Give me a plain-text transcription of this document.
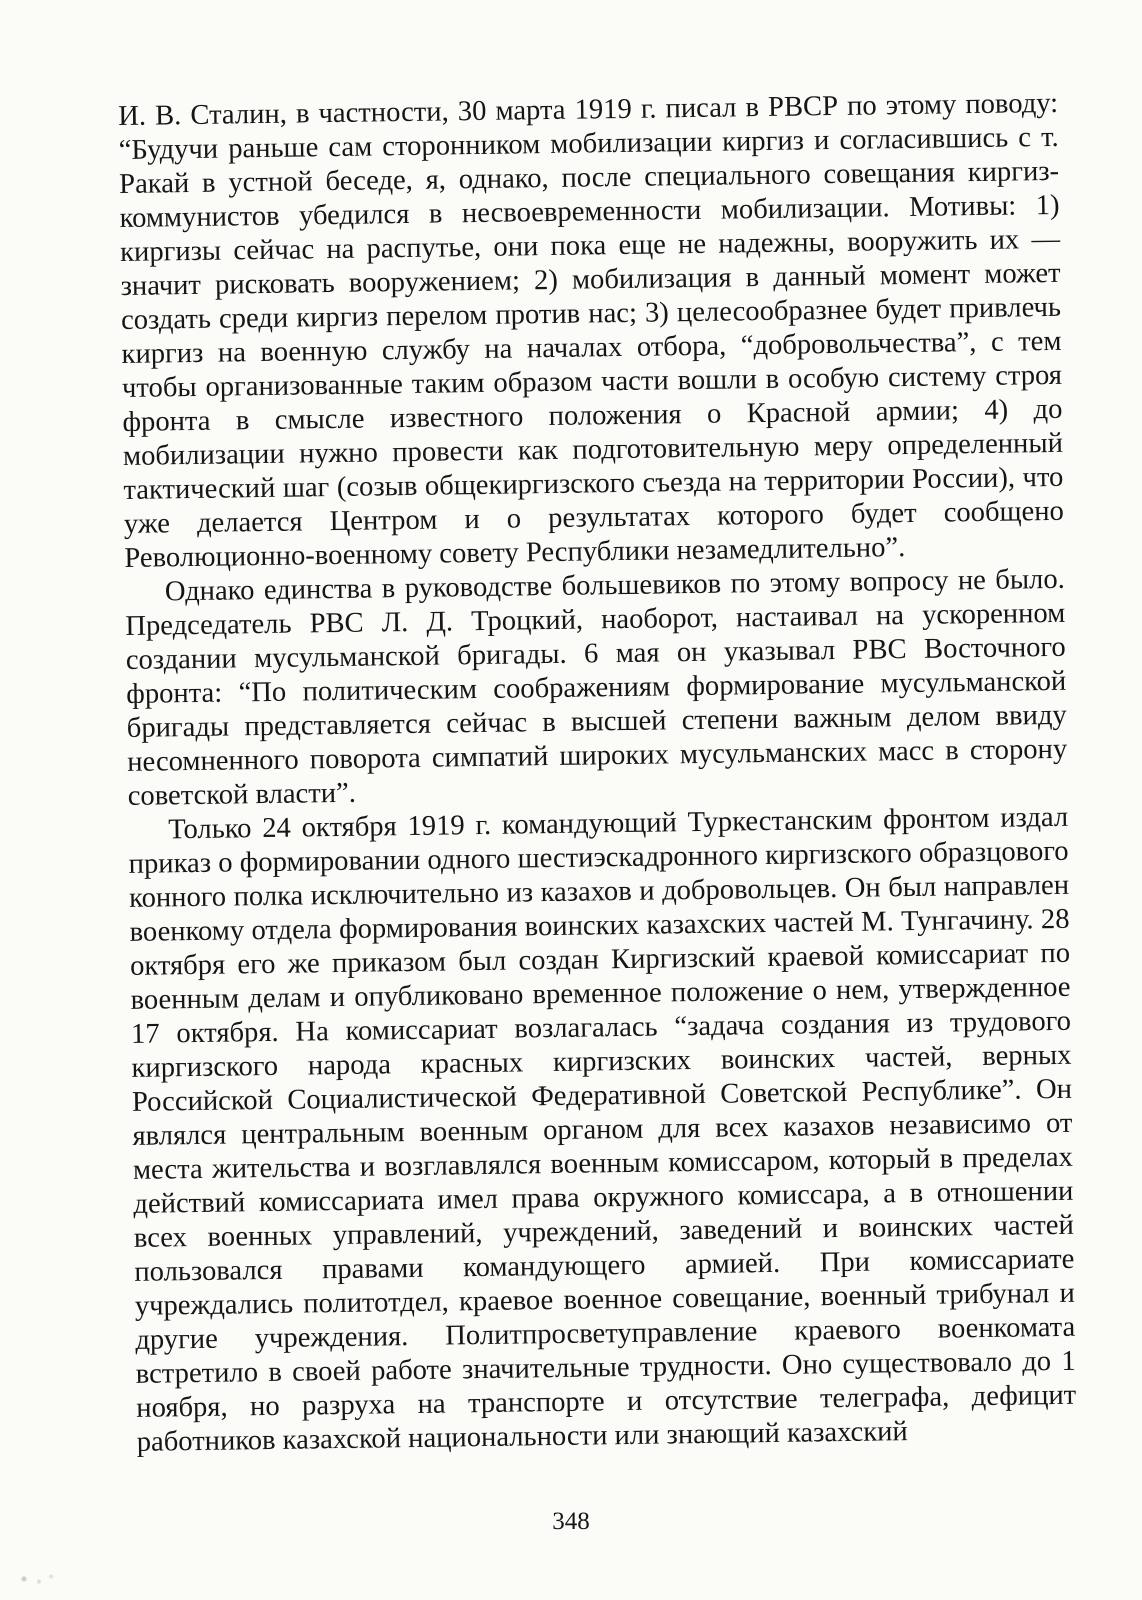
И. В. Сталин, в частности, 30 марта 1919 г. писал в РВСР по этому поводу: “Будучи раньше сам сторонником мобилизации киргиз и согласившись с т. Ракай в устной беседе, я, однако, после специального совещания киргиз-коммунистов убедился в несвоевременности мобилизации. Мотивы: 1) киргизы сейчас на распутье, они пока еще не надежны, вооружить их — значит рисковать вооружением; 2) мобилизация в данный момент может создать среди киргиз перелом против нас; 3) целесообразнее будет привлечь киргиз на военную службу на началах отбора, “добровольчества”, с тем чтобы организованные таким образом части вошли в особую систему строя фронта в смысле известного положения о Красной армии; 4) до мобилизации нужно провести как подготовительную меру определенный тактический шаг (созыв общекиргизского съезда на территории России), что уже делается Центром и о результатах которого будет сообщено Революционно-военному совету Республики незамедлительно”.

Однако единства в руководстве большевиков по этому вопросу не было. Председатель РВС Л. Д. Троцкий, наоборот, настаивал на ускоренном создании мусульманской бригады. 6 мая он указывал РВС Восточного фронта: “По политическим соображениям формирование мусульманской бригады представляется сейчас в высшей степени важным делом ввиду несомненного поворота симпатий широких мусульманских масс в сторону советской власти”.

Только 24 октября 1919 г. командующий Туркестанским фронтом издал приказ о формировании одного шестиэскадронного киргизского образцового конного полка исключительно из казахов и добровольцев. Он был направлен военкому отдела формирования воинских казахских частей М. Тунгачину. 28 октября его же приказом был создан Киргизский краевой комиссариат по военным делам и опубликовано временное положение о нем, утвержденное 17 октября. На комиссариат возлагалась “задача создания из трудового киргизского народа красных киргизских воинских частей, верных Российской Социалистической Федеративной Советской Республике”. Он являлся центральным военным органом для всех казахов независимо от места жительства и возглавлялся военным комиссаром, который в пределах действий комиссариата имел права окружного комиссара, а в отношении всех военных управлений, учреждений, заведений и воинских частей пользовался правами командующего армией. При комиссариате учреждались политотдел, краевое военное совещание, военный трибунал и другие учреждения. Политпросветуправление краевого военкомата встретило в своей работе значительные трудности. Оно существовало до 1 ноября, но разруха на транспорте и отсутствие телеграфа, дефицит работников казахской национальности или знающий казахский

348
